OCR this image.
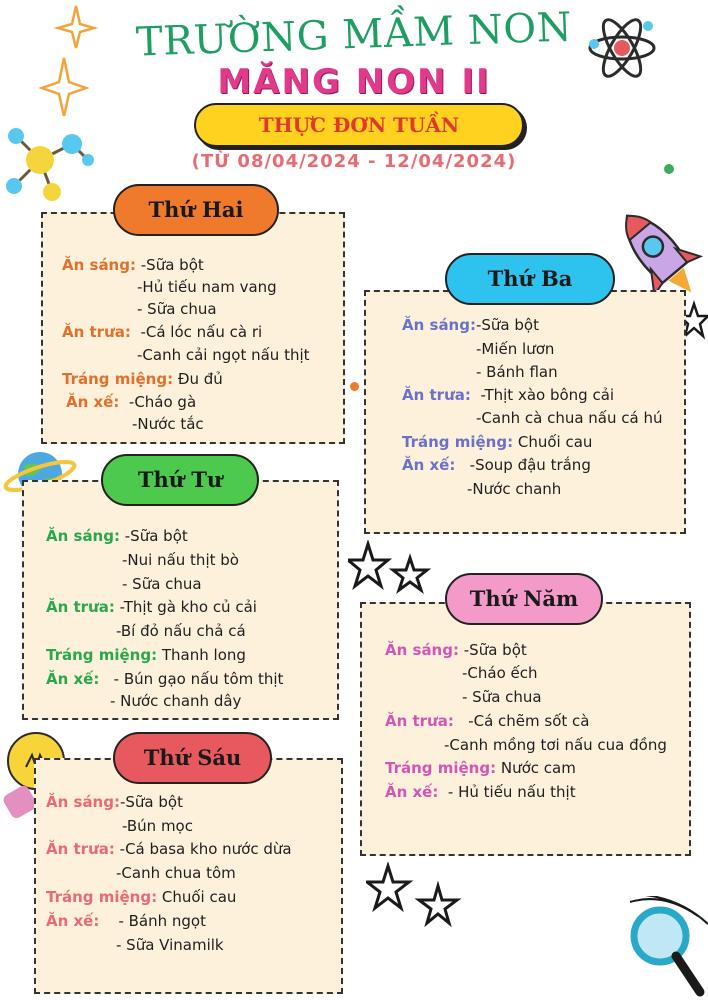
TRƯỜNG MẦM NON
MĂNG NON II
THỰC ĐƠN TUẦN
(TỪ 08/04/2024 - 12/04/2024)
Thứ Hai
Ăn sáng: -Sữa bột
-Hủ tiếu nam vang
- Sữa chua
Ăn trưa: -Cá lóc nấu cà ri
-Canh cải ngọt nấu thịt
Tráng miệng: Đu đủ
Ăn xế: -Cháo gà
-Nước tắc
Thứ Ba
Ăn sáng:-Sữa bột
-Miến lươn
- Bánh flan
Ăn trưa: -Thịt xào bông cải
-Canh cà chua nấu cá hú
Tráng miệng: Chuối cau
Ăn xế: -Soup đậu trắng
-Nước chanh
Thứ Tư
Ăn sáng: -Sữa bột
-Nui nấu thịt bò
- Sữa chua
Ăn trưa: -Thịt gà kho củ cải
-Bí đỏ nấu chả cá
Tráng miệng: Thanh long
Ăn xế: - Bún gạo nấu tôm thịt
- Nước chanh dây
Thứ Năm
Ăn sáng: -Sữa bột
-Cháo ếch
- Sữa chua
Ăn trưa: -Cá chẽm sốt cà
-Canh mồng tơi nấu cua đồng
Tráng miệng: Nước cam
Ăn xế: - Hủ tiếu nấu thịt
Thứ Sáu
Ăn sáng:-Sữa bột
-Bún mọc
Ăn trưa: -Cá basa kho nước dừa
-Canh chua tôm
Tráng miệng: Chuối cau
Ăn xế: - Bánh ngọt
- Sữa Vinamilk
